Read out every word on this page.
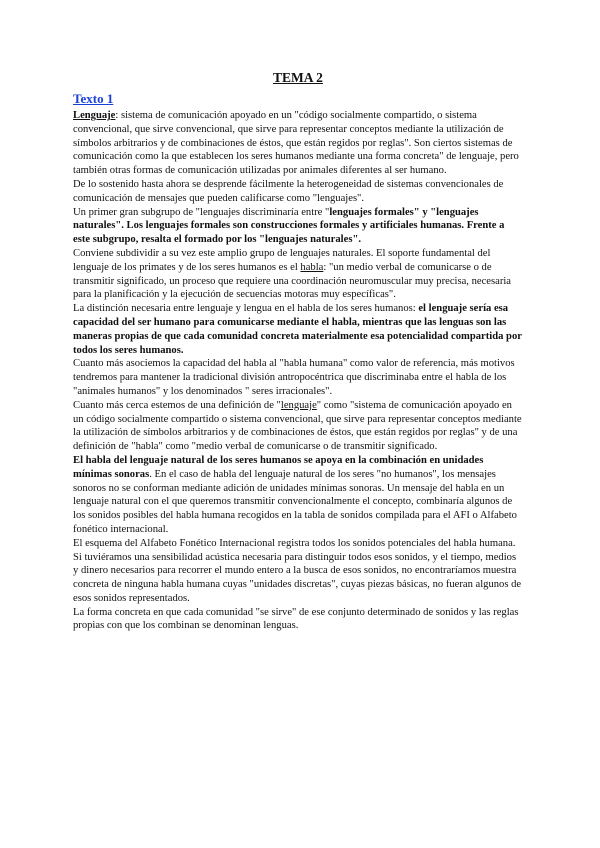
TEMA 2
Texto 1

Lenguaje: sistema de comunicación apoyado en un "código socialmente compartido, o sistema convencional, que sirve convencional, que sirve para representar conceptos mediante la utilización de símbolos arbitrarios y de combinaciones de éstos, que están regidos por reglas". Son ciertos sistemas de comunicación como la que establecen los seres humanos mediante una forma concreta" de lenguaje, pero también otras formas de comunicación utilizadas por animales diferentes al ser humano.

De lo sostenido hasta ahora se desprende fácilmente la heterogeneidad de sistemas convencionales de comunicación de mensajes que pueden calificarse como "lenguajes".

Un primer gran subgrupo de "lenguajes discriminaría entre "lenguajes formales" y "lenguajes naturales". Los lenguajes formales son construcciones formales y artificiales humanas. Frente a este subgrupo, resalta el formado por los "lenguajes naturales".

Conviene subdividir a su vez este amplio grupo de lenguajes naturales. El soporte fundamental del lenguaje de los primates y de los seres humanos es el habla: "un medio verbal de comunicarse o de transmitir significado, un proceso que requiere una coordinación neuromuscular muy precisa, necesaria para la planificación y la ejecución de secuencias motoras muy específicas".

La distinción necesaria entre lenguaje y lengua en el habla de los seres humanos: el lenguaje sería esa capacidad del ser humano para comunicarse mediante el habla, mientras que las lenguas son las maneras propias de que cada comunidad concreta materialmente esa potencialidad compartida por todos los seres humanos.

Cuanto más asociemos la capacidad del habla al "habla humana" como valor de referencia, más motivos tendremos para mantener la tradicional división antropocéntrica que discriminaba entre el habla de los "animales humanos" y los denominados " seres irracionales".

Cuanto más cerca estemos de una definición de "lenguaje" como "sistema de comunicación apoyado en un código socialmente compartido o sistema convencional, que sirve para representar conceptos mediante la utilización de símbolos arbitrarios y de combinaciones de éstos, que están regidos por reglas" y de una definición de "habla" como "medio verbal de comunicarse o de transmitir significado.

El habla del lenguaje natural de los seres humanos se apoya en la combinación en unidades mínimas sonoras. En el caso de habla del lenguaje natural de los seres "no humanos", los mensajes sonoros no se conforman mediante adición de unidades mínimas sonoras. Un mensaje del habla en un lenguaje natural con el que queremos transmitir convencionalmente el concepto, combinaría algunos de los sonidos posibles del habla humana recogidos en la tabla de sonidos compilada para el AFI o Alfabeto fonético internacional.

El esquema del Alfabeto Fonético Internacional registra todos los sonidos potenciales del habla humana.

Si tuviéramos una sensibilidad acústica necesaria para distinguir todos esos sonidos, y el tiempo, medios y dinero necesarios para recorrer el mundo entero a la busca de esos sonidos, no encontraríamos muestra concreta de ninguna habla humana cuyas "unidades discretas", cuyas piezas básicas, no fueran algunos de esos sonidos representados.

La forma concreta en que cada comunidad "se sirve" de ese conjunto determinado de sonidos y las reglas propias con que los combinan se denominan lenguas.
